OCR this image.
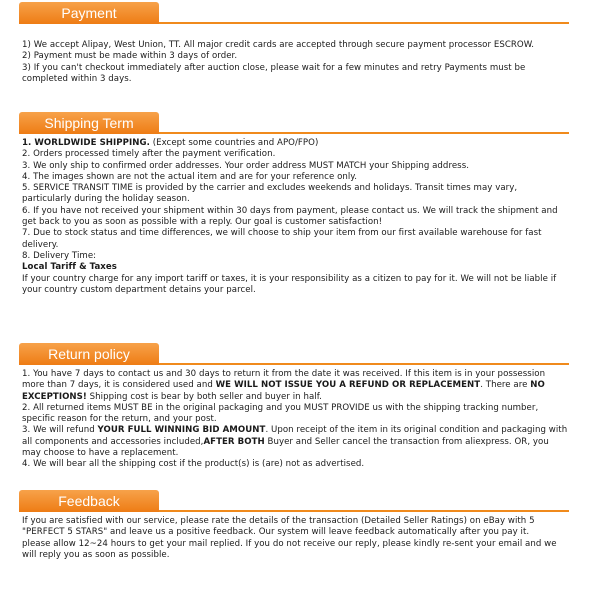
Payment

1) We accept Alipay, West Union, TT. All major credit cards are accepted through secure payment processor ESCROW.

2) Payment must be made within 3 days of order.

3) If you can't checkout immediately after auction close, please wait for a few minutes and retry Payments must be completed within 3 days.

Shipping Term

1. WORLDWIDE SHIPPING. (Except some countries and APO/FPO)

2. Orders processed timely after the payment verification.

3. We only ship to confirmed order addresses. Your order address MUST MATCH your Shipping address.

4. The images shown are not the actual item and are for your reference only.

5. SERVICE TRANSIT TIME is provided by the carrier and excludes weekends and holidays. Transit times may vary, particularly during the holiday season.

6. If you have not received your shipment within 30 days from payment, please contact us. We will track the shipment and get back to you as soon as possible with a reply. Our goal is customer satisfaction!

7. Due to stock status and time differences, we will choose to ship your item from our first available warehouse for fast delivery.

8. Delivery Time:

Local Tariff & Taxes

If your country charge for any import tariff or taxes, it is your responsibility as a citizen to pay for it. We will not be liable if your country custom department detains your parcel.

Return policy

1. You have 7 days to contact us and 30 days to return it from the date it was received. If this item is in your possession more than 7 days, it is considered used and WE WILL NOT ISSUE YOU A REFUND OR REPLACEMENT. There are NO EXCEPTIONS! Shipping cost is bear by both seller and buyer in half.

2. All returned items MUST BE in the original packaging and you MUST PROVIDE us with the shipping tracking number, specific reason for the return, and your post.

3. We will refund YOUR FULL WINNING BID AMOUNT. Upon receipt of the item in its original condition and packaging with all components and accessories included,AFTER BOTH Buyer and Seller cancel the transaction from aliexpress. OR, you may choose to have a replacement.

4. We will bear all the shipping cost if the product(s) is (are) not as advertised.

Feedback

If you are satisfied with our service, please rate the details of the transaction (Detailed Seller Ratings) on eBay with 5 "PERFECT 5 STARS" and leave us a positive feedback. Our system will leave feedback automatically after you pay it.

please allow 12~24 hours to get your mail replied. If you do not receive our reply, please kindly re-sent your email and we will reply you as soon as possible.
